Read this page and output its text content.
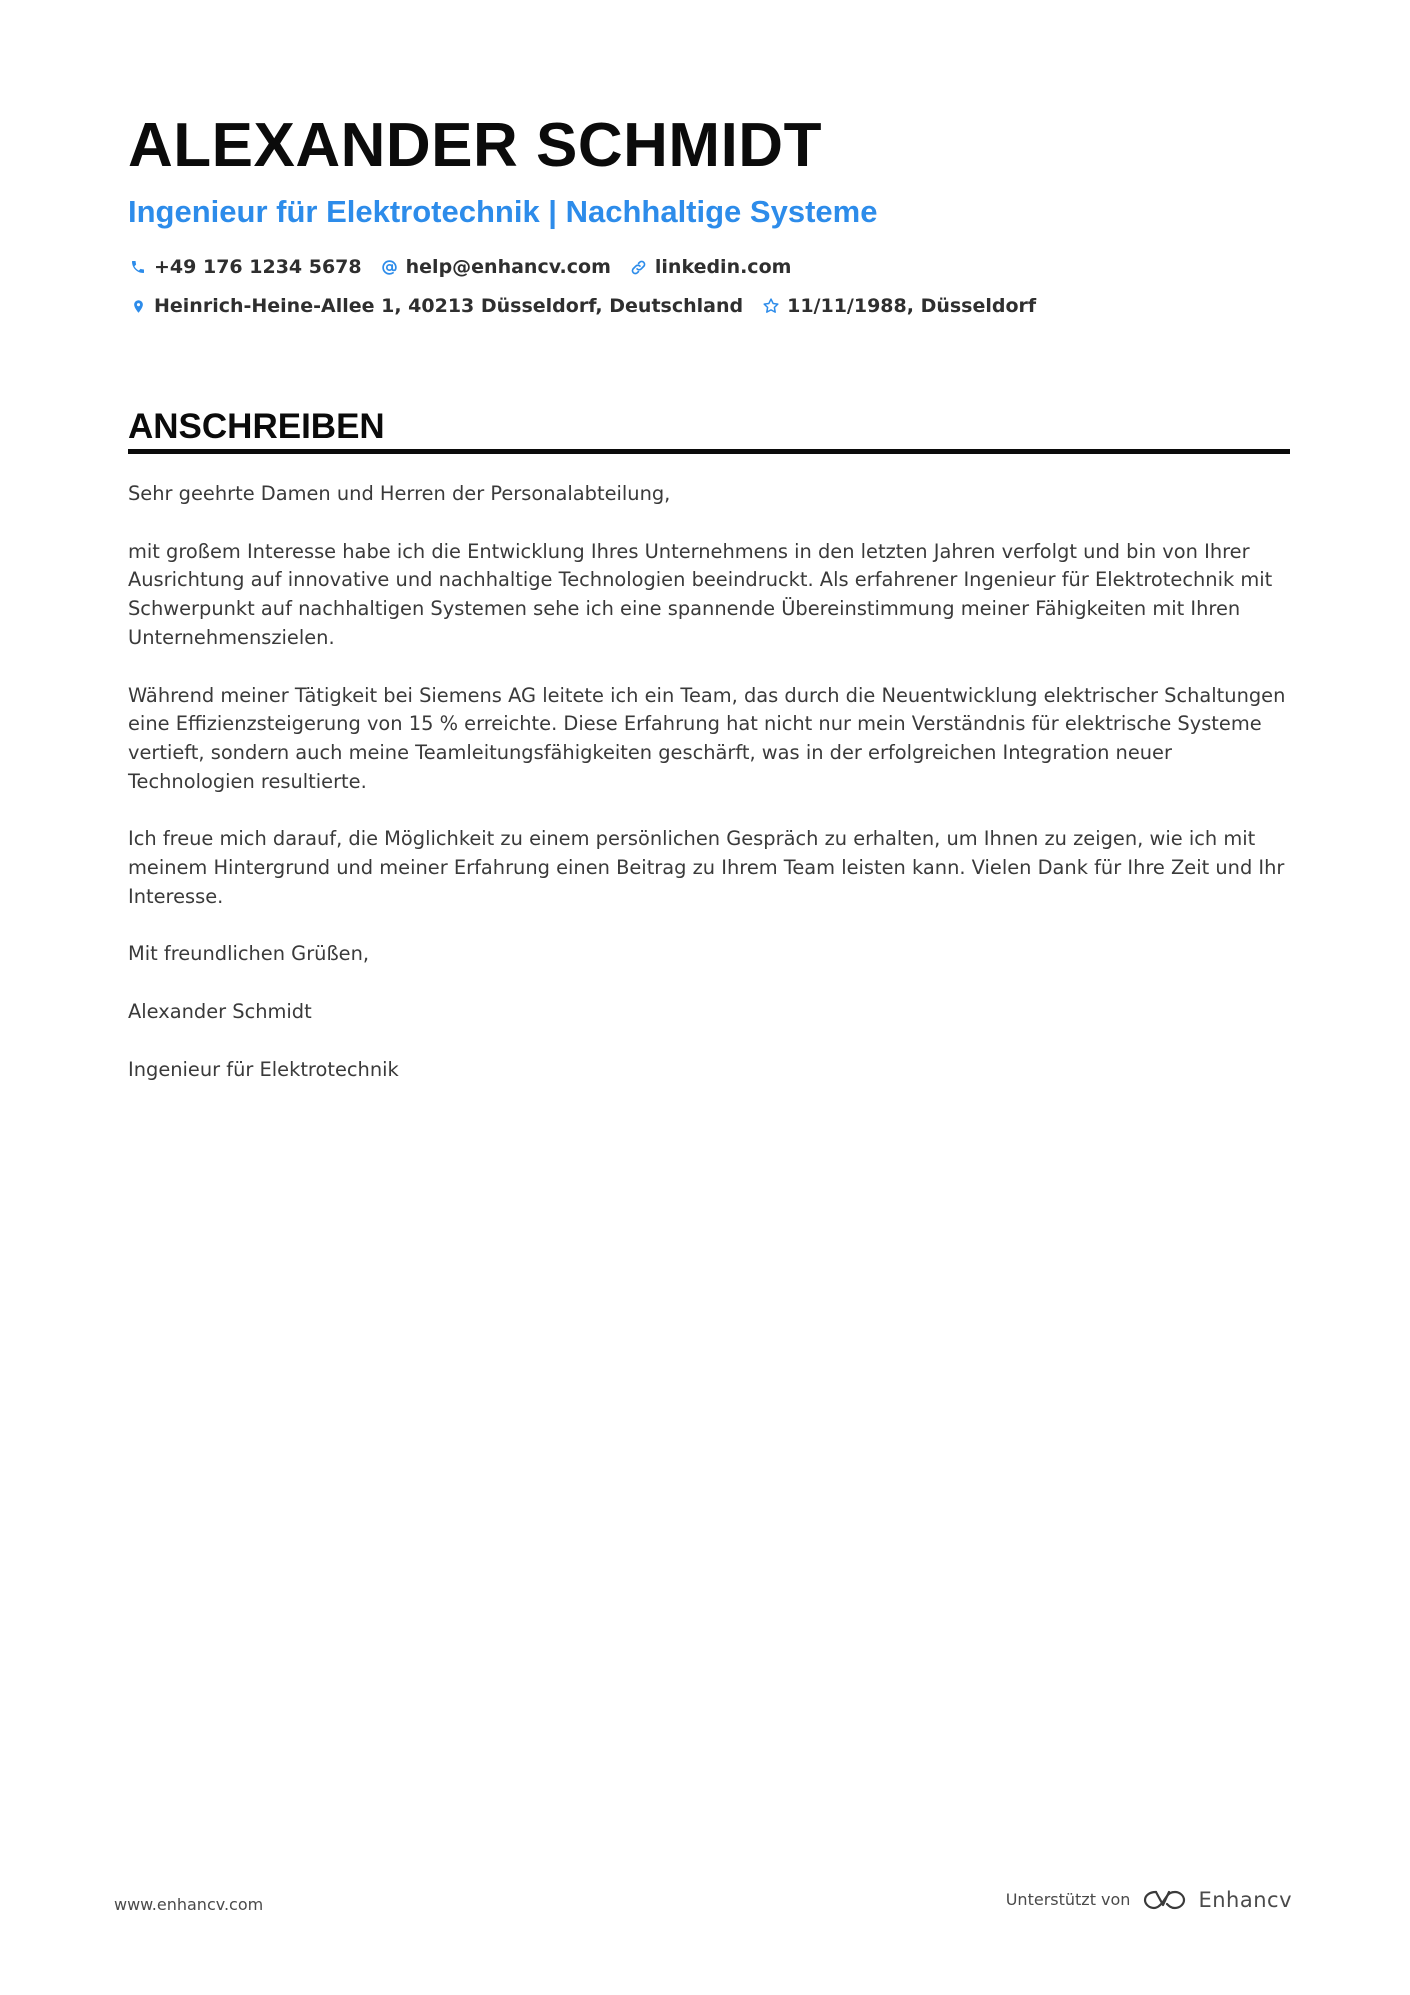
ALEXANDER SCHMIDT
Ingenieur für Elektrotechnik | Nachhaltige Systeme
+49 176 1234 5678 help@enhancv.com linkedin.com
Heinrich-Heine-Allee 1, 40213 Düsseldorf, Deutschland 11/11/1988, Düsseldorf
ANSCHREIBEN

Sehr geehrte Damen und Herren der Personalabteilung,

mit großem Interesse habe ich die Entwicklung Ihres Unternehmens in den letzten Jahren verfolgt und bin von Ihrer Ausrichtung auf innovative und nachhaltige Technologien beeindruckt. Als erfahrener Ingenieur für Elektrotechnik mit Schwerpunkt auf nachhaltigen Systemen sehe ich eine spannende Übereinstimmung meiner Fähigkeiten mit Ihren Unternehmenszielen.

Während meiner Tätigkeit bei Siemens AG leitete ich ein Team, das durch die Neuentwicklung elektrischer Schaltungen eine Effizienzsteigerung von 15 % erreichte. Diese Erfahrung hat nicht nur mein Verständnis für elektrische Systeme vertieft, sondern auch meine Teamleitungsfähigkeiten geschärft, was in der erfolgreichen Integration neuer Technologien resultierte.

Ich freue mich darauf, die Möglichkeit zu einem persönlichen Gespräch zu erhalten, um Ihnen zu zeigen, wie ich mit meinem Hintergrund und meiner Erfahrung einen Beitrag zu Ihrem Team leisten kann. Vielen Dank für Ihre Zeit und Ihr Interesse.

Mit freundlichen Grüßen,

Alexander Schmidt

Ingenieur für Elektrotechnik

www.enhancv.com	Unterstützt von	Enhancv
